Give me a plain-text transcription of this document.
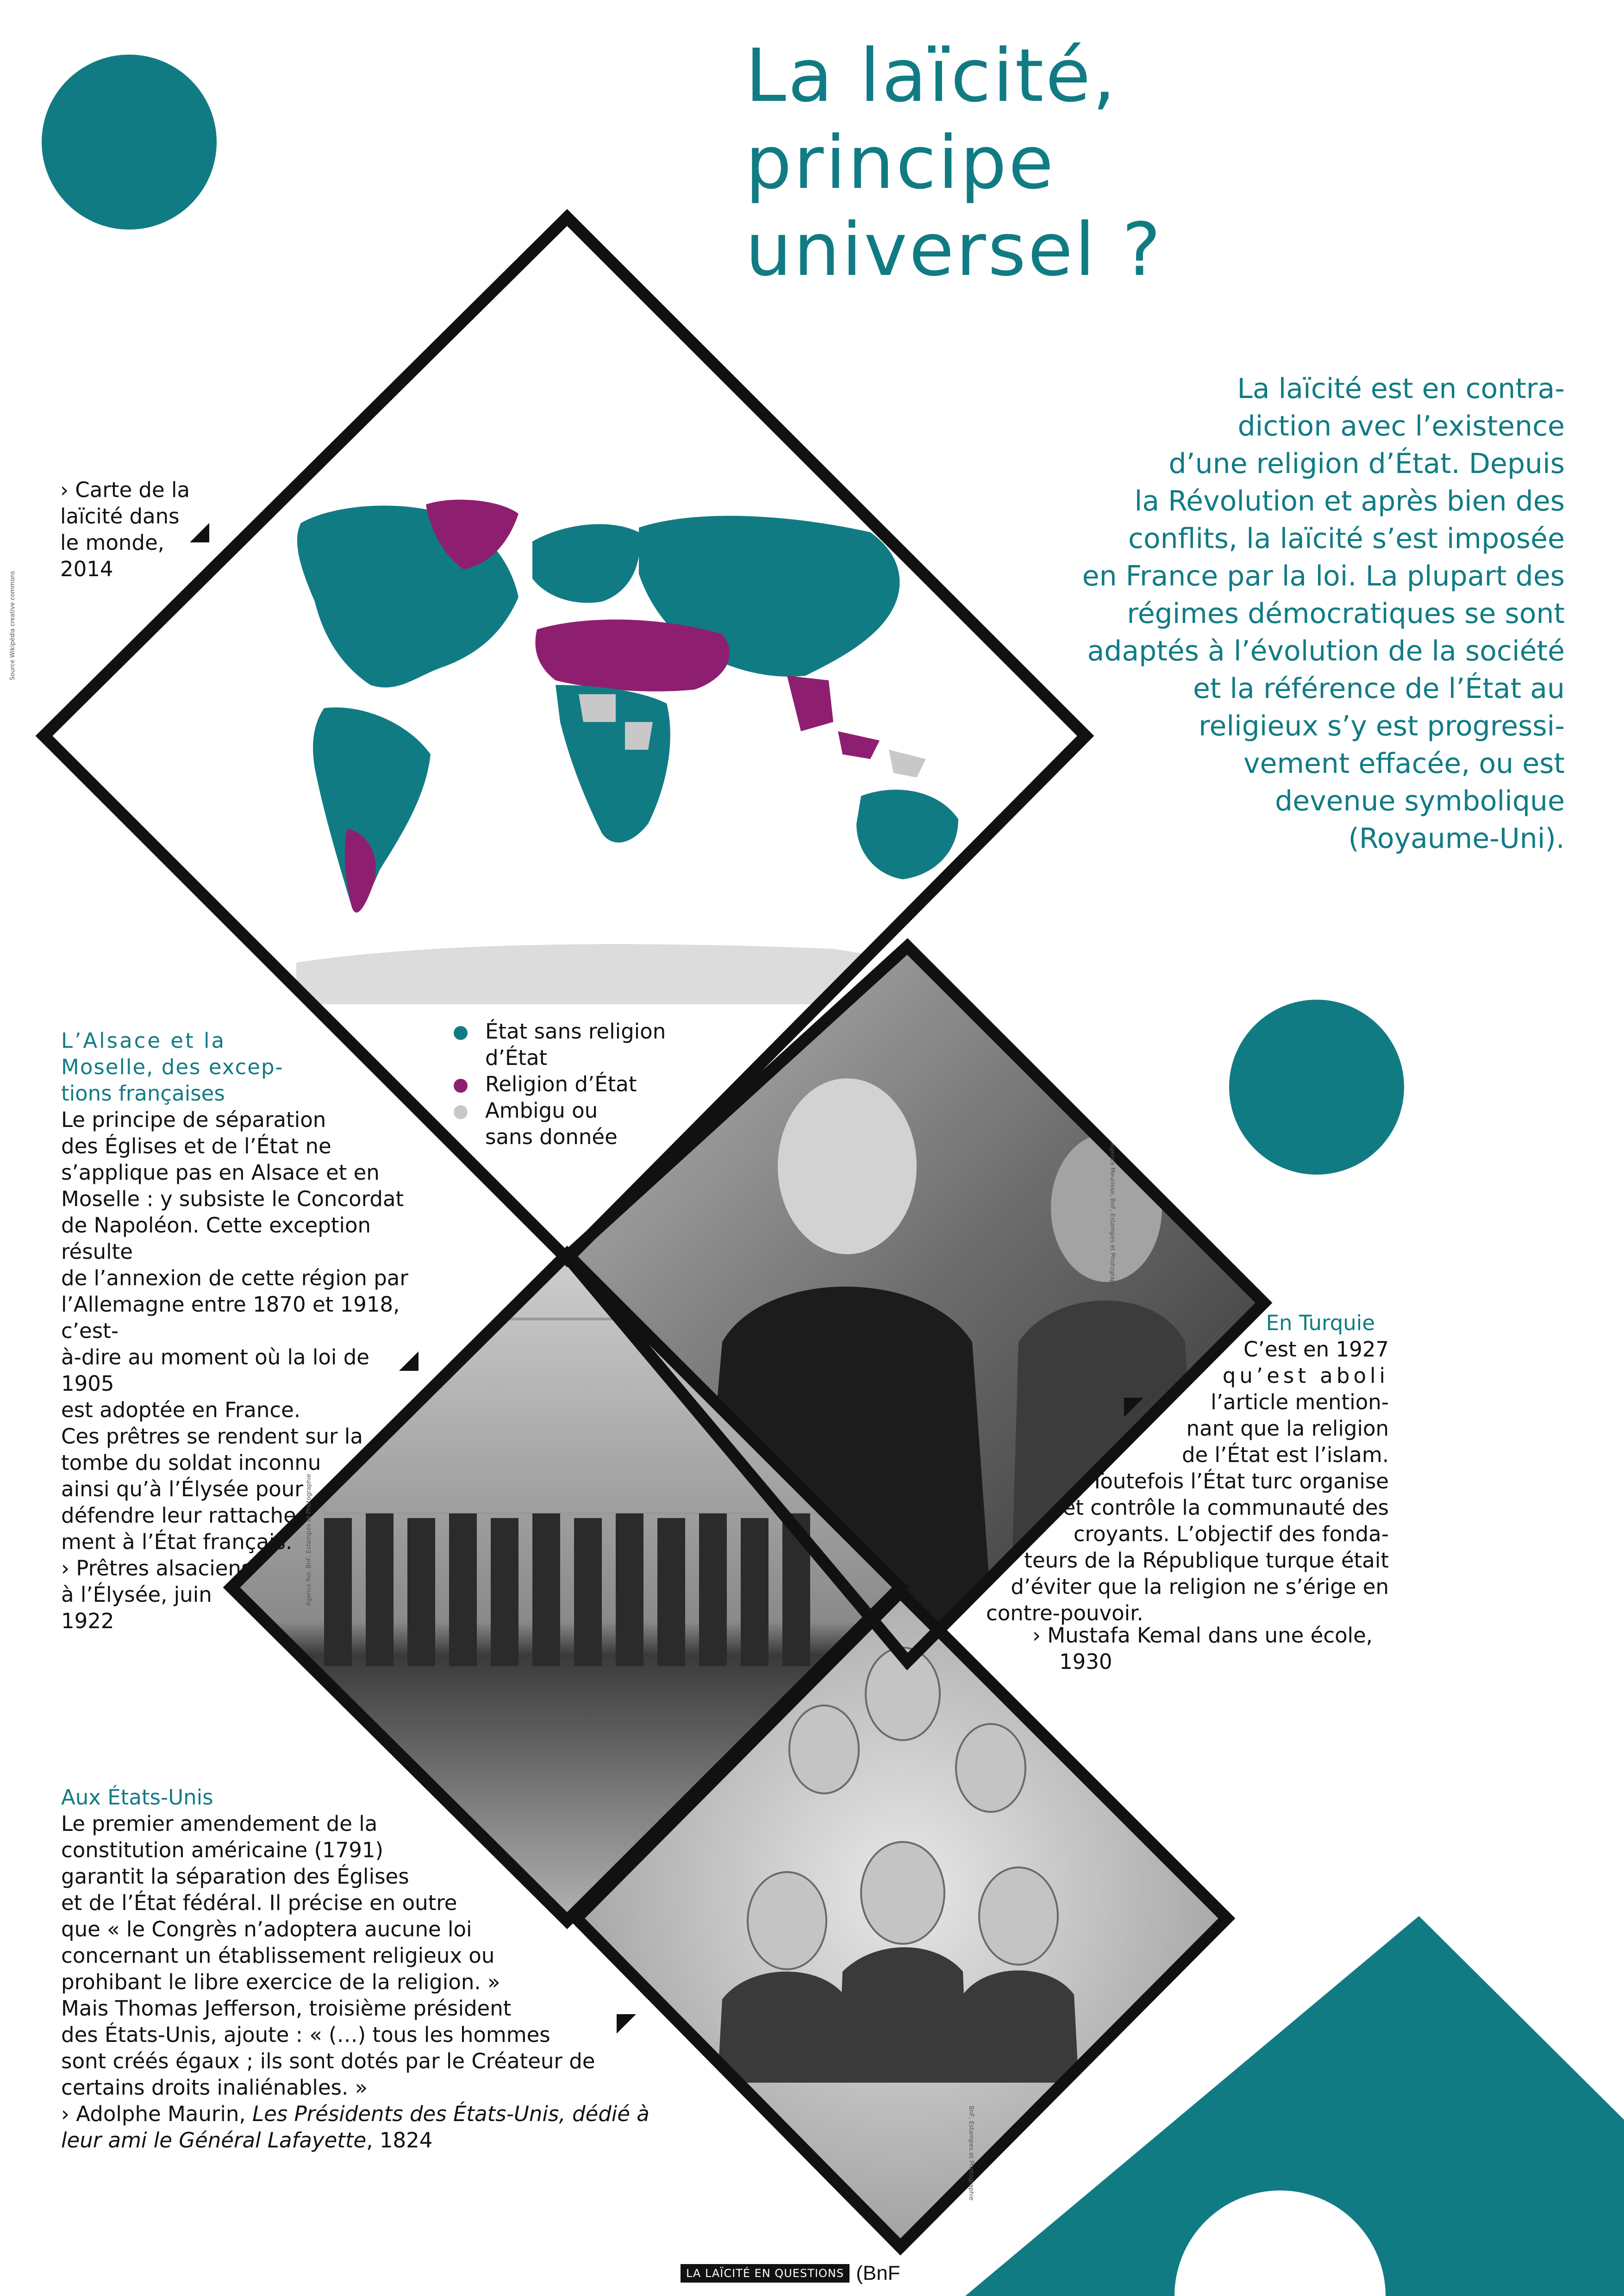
La laïcité,
principe
universel ?
La laïcité est en contra-
diction avec l’existence
d’une religion d’État. Depuis
la Révolution et après bien des
conflits, la laïcité s’est imposée
en France par la loi. La plupart des
régimes démocratiques se sont
adaptés à l’évolution de la société
et la référence de l’État au
religieux s’y est progressi-
vement effacée, ou est
devenue symbolique
(Royaume-Uni).
Source Wikipédia creative commons
Agence Meurisse, BnF, Estampes et Photographie
Agence Rol, BnF, Estampes et Photographie
BnF, Estampes et Photographie
› Carte de la
laïcité dans
le monde,
2014
État sans religion
d’État
Religion d’État
Ambigu ou
sans donnée
L’Alsace et la
Moselle, des excep-
tions françaises
Le principe de séparation
des Églises et de l’État ne
s’applique pas en Alsace et en
Moselle : y subsiste le Concordat
de Napoléon. Cette exception résulte
de l’annexion de cette région par
l’Allemagne entre 1870 et 1918, c’est-
à-dire au moment où la loi de 1905
est adoptée en France.
Ces prêtres se rendent sur la
tombe du soldat inconnu
ainsi qu’à l’Élysée pour
défendre leur rattache-
ment à l’État français.
› Prêtres alsaciens
à l’Élysée, juin
1922
En Turquie
C’est en 1927
qu’est aboli
l’article mention-
nant que la religion
de l’État est l’islam.
Toutefois l’État turc organise
et contrôle la communauté des
croyants. L’objectif des fonda-
teurs de la République turque était
d’éviter que la religion ne s’érige en
contre-pouvoir.
› Mustafa Kemal dans une école,
1930
Aux États-Unis
Le premier amendement de la
constitution américaine (1791)
garantit la séparation des Églises
et de l’État fédéral. Il précise en outre
que « le Congrès n’adoptera aucune loi
concernant un établissement religieux ou
prohibant le libre exercice de la religion. »
Mais Thomas Jefferson, troisième président
des États-Unis, ajoute : « (…) tous les hommes
sont créés égaux ; ils sont dotés par le Créateur de
certains droits inaliénables. »
› Adolphe Maurin, Les Présidents des États-Unis, dédié à
leur ami le Général Lafayette, 1824
LA LAÏCITÉ EN QUESTIONS (BnF
